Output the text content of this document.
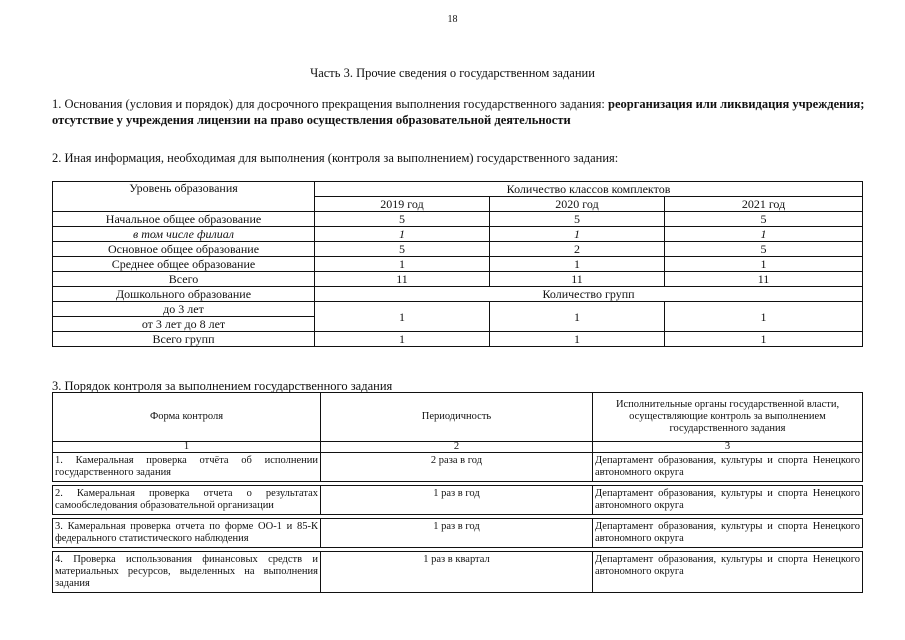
18
Часть 3. Прочие сведения о государственном задании
1. Основания (условия и порядок) для досрочного прекращения выполнения государственного задания: реорганизация или ликвидация учреждения; отсутствие у учреждения лицензии на право осуществления образовательной деятельности
2. Иная информация, необходимая для выполнения (контроля за выполнением) государственного задания:
Уровень образования	Количество классов комплектов		
	2019 год	2020 год	2021 год
Начальное общее образование	5	5	5
в том числе филиал	1	1	1
Основное общее образование	5	2	5
Среднее общее образование	1	1	1
Всего	11	11	11
Дошкольного образование	Количество групп		
до 3 лет	1	1	1
от 3 лет до 8 лет			
Всего групп	1	1	1
3. Порядок контроля за выполнением государственного задания
Форма контроля	Периодичность	Исполнительные органы государственной власти, осуществляющие контроль за выполнением государственного задания
1	2	3
1. Камеральная проверка отчёта об исполнении государственного задания	2 раза в год	Департамент образования, культуры и спорта Ненецкого автономного округа

2. Камеральная проверка отчета о результатах самообследования образовательной организации	1 раз в год	Департамент образования, культуры и спорта Ненецкого автономного округа

3. Камеральная проверка отчета по форме ОО-1 и 85-К федерального статистического наблюдения	1 раз в год	Департамент образования, культуры и спорта Ненецкого автономного округа

4. Проверка использования финансовых средств и материальных ресурсов, выделенных на выполнения задания	1 раз в квартал	Департамент образования, культуры и спорта Ненецкого автономного округа
